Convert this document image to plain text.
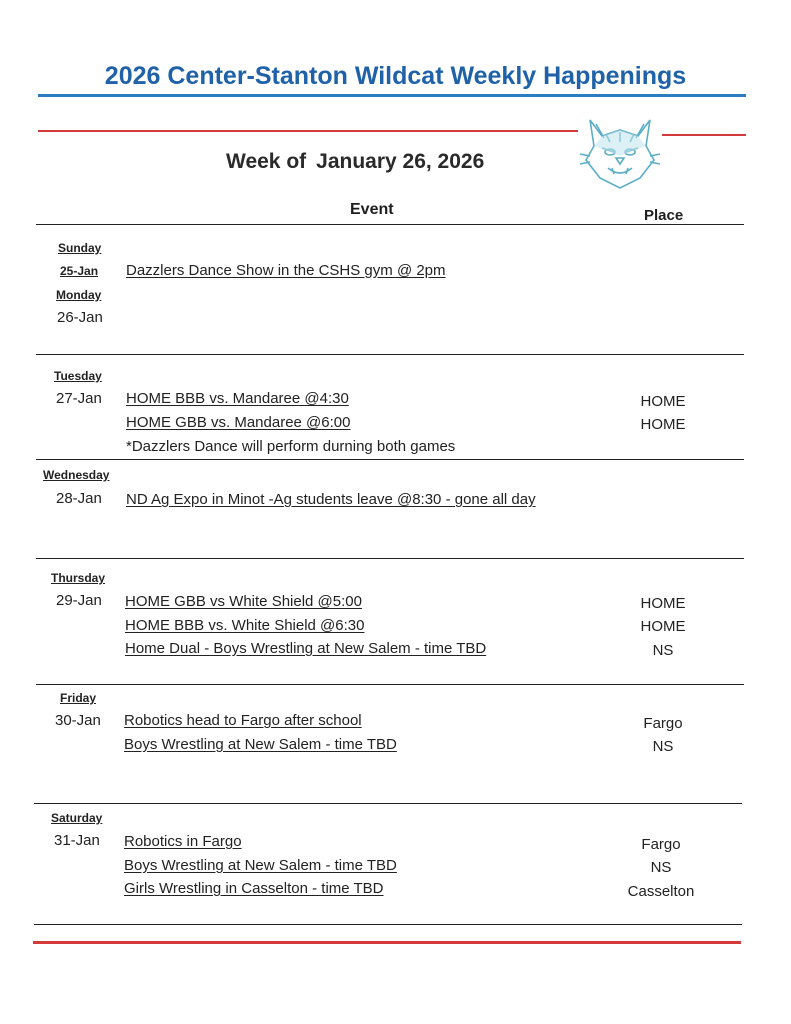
2026 Center-Stanton Wildcat Weekly Happenings
Week of January 26, 2026
Event	Place
Sunday
25-Jan Dazzlers Dance Show in the CSHS gym @ 2pm
Monday
26-Jan
Tuesday
27-Jan HOME BBB vs. Mandaree @4:30	HOME
HOME GBB vs. Mandaree @6:00	HOME
*Dazzlers Dance will perform durning both games
Wednesday
28-Jan ND Ag Expo in Minot -Ag students leave @8:30 - gone all day
Thursday
29-Jan HOME GBB vs White Shield @5:00	HOME
HOME BBB vs. White Shield @6:30	HOME
Home Dual - Boys Wrestling at New Salem - time TBD	NS
Friday
30-Jan Robotics head to Fargo after school	Fargo
Boys Wrestling at New Salem - time TBD	NS
Saturday
31-Jan Robotics in Fargo	Fargo
Boys Wrestling at New Salem - time TBD	NS
Girls Wrestling in Casselton - time TBD	Casselton
